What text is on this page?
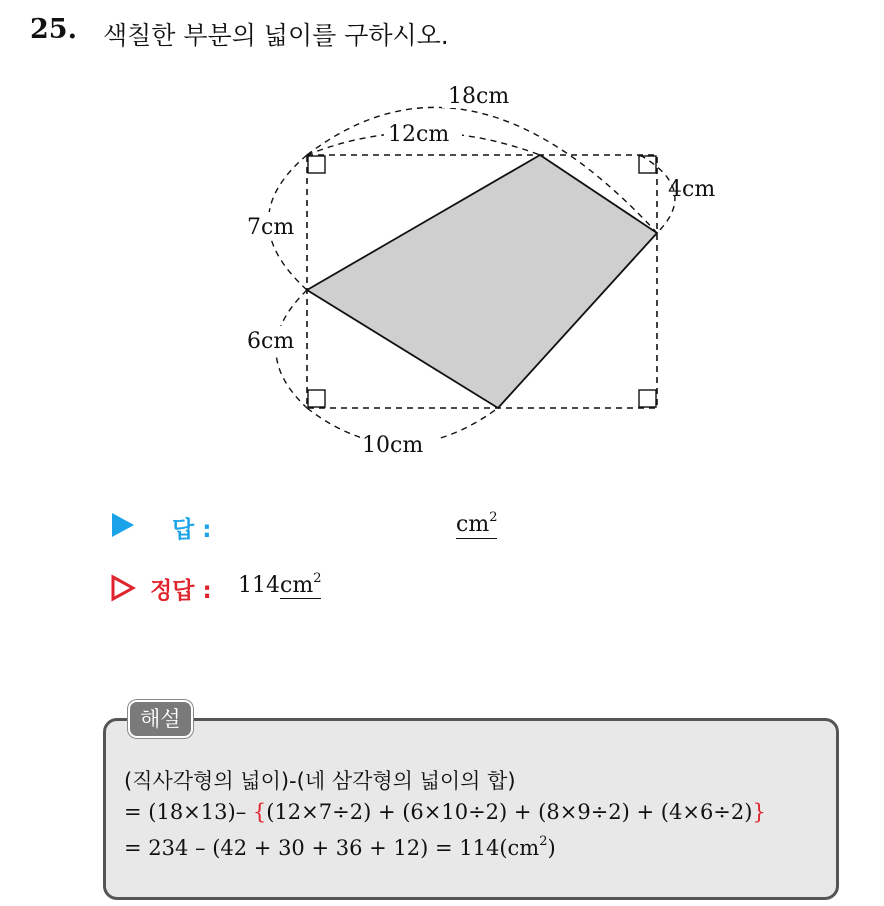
25. 색칠한 부분의 넓이를 구하시오.
18cm
12cm
4cm
7cm
6cm
10cm
답 :	$cm^2$
정답 : $114cm^2$
해설
(직사각형의 넓이)-(네 삼각형의 넓이의 합)
= (18×13)– {(12×7÷2) + (6×10÷2) + (8×9÷2) + (4×6÷2)}
= $234 - (42 + 30 + 36 + 12) = 114(cm^2)$
